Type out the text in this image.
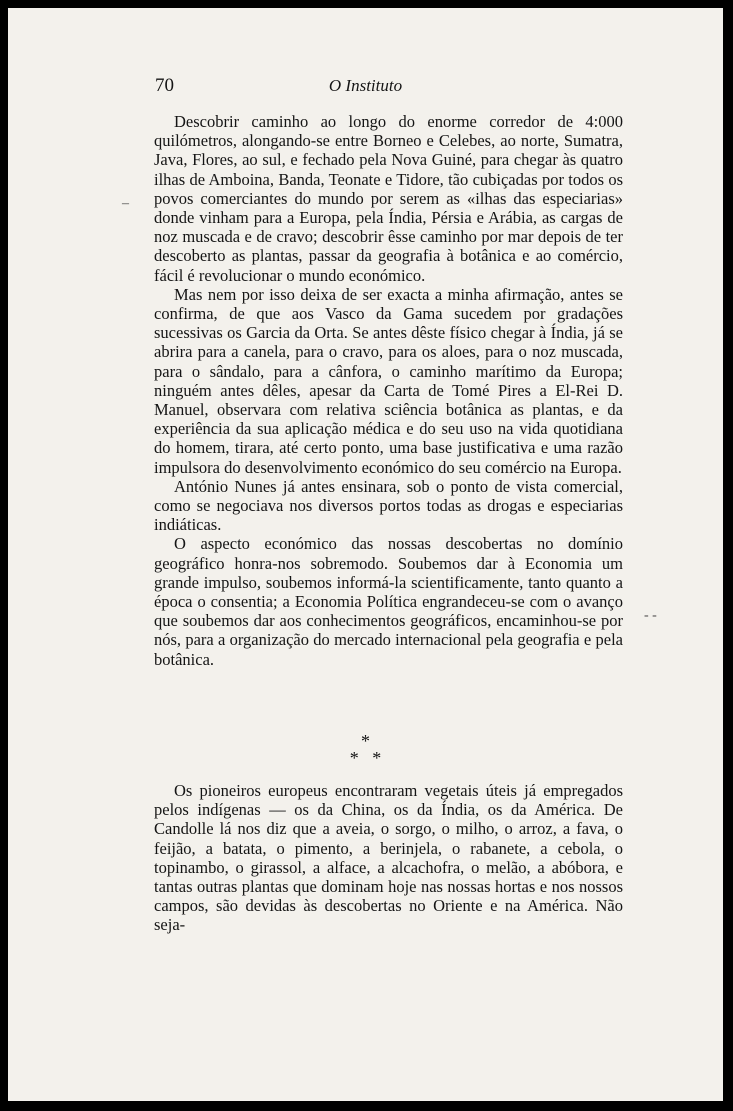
70	O Instituto

Descobrir caminho ao longo do enorme corredor de 4:000 quilómetros, alongando-se entre Borneo e Celebes, ao norte, Sumatra, Java, Flores, ao sul, e fechado pela Nova Guiné, para chegar às quatro ilhas de Amboina, Banda, Teonate e Tidore, tão cubiçadas por todos os povos comerciantes do mundo por serem as «ilhas das especiarias» donde vinham para a Europa, pela Índia, Pérsia e Arábia, as cargas de noz muscada e de cravo; descobrir êsse caminho por mar depois de ter descoberto as plantas, passar da geografia à botânica e ao comércio, fácil é revolucionar o mundo económico.

Mas nem por isso deixa de ser exacta a minha afirmação, antes se confirma, de que aos Vasco da Gama sucedem por gradações sucessivas os Garcia da Orta. Se antes dêste físico chegar à Índia, já se abrira para a canela, para o cravo, para os aloes, para o noz muscada, para o sândalo, para a cânfora, o caminho marítimo da Europa; ninguém antes dêles, apesar da Carta de Tomé Pires a El-Rei D. Manuel, observara com relativa sciência botânica as plantas, e da experiência da sua aplicação médica e do seu uso na vida quotidiana do homem, tirara, até certo ponto, uma base justificativa e uma razão impulsora do desenvolvimento económico do seu comércio na Europa.

António Nunes já antes ensinara, sob o ponto de vista comercial, como se negociava nos diversos portos todas as drogas e especiarias indiáticas.

O aspecto económico das nossas descobertas no domínio geográfico honra-nos sobremodo. Soubemos dar à Economia um grande impulso, soubemos informá-la scientificamente, tanto quanto a época o consentia; a Economia Política engrandeceu-se com o avanço que soubemos dar aos conhecimentos geográficos, encaminhou-se por nós, para a organização do mercado internacional pela geografia e pela botânica.

*
*   *

Os pioneiros europeus encontraram vegetais úteis já empregados pelos indígenas — os da China, os da Índia, os da América. De Candolle lá nos diz que a aveia, o sorgo, o milho, o arroz, a fava, o feijão, a batata, o pimento, a berinjela, o rabanete, a cebola, o topinambo, o girassol, a alface, a alcachofra, o melão, a abóbora, e tantas outras plantas que dominam hoje nas nossas hortas e nos nossos campos, são devidas às descobertas no Oriente e na América. Não seja-

–
- -
